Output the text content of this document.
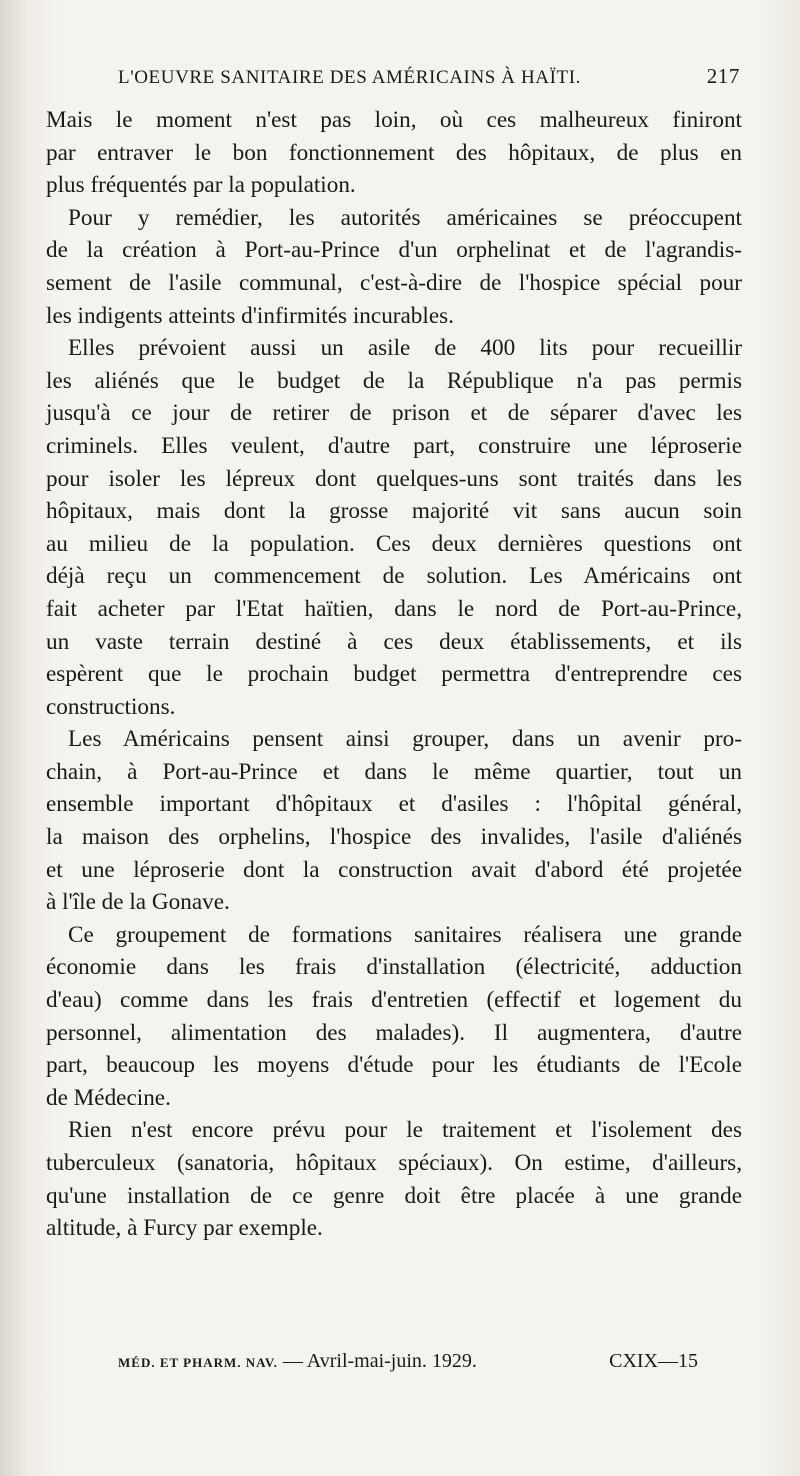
L'OEUVRE SANITAIRE DES AMÉRICAINS À HAÏTI.	217
Mais le moment n'est pas loin, où ces malheureux finiront
par entraver le bon fonctionnement des hôpitaux, de plus en
plus fréquentés par la population.
Pour y remédier, les autorités américaines se préoccupent
de la création à Port-au-Prince d'un orphelinat et de l'agrandis-
sement de l'asile communal, c'est-à-dire de l'hospice spécial pour
les indigents atteints d'infirmités incurables.
Elles prévoient aussi un asile de 400 lits pour recueillir
les aliénés que le budget de la République n'a pas permis
jusqu'à ce jour de retirer de prison et de séparer d'avec les
criminels. Elles veulent, d'autre part, construire une léproserie
pour isoler les lépreux dont quelques-uns sont traités dans les
hôpitaux, mais dont la grosse majorité vit sans aucun soin
au milieu de la population. Ces deux dernières questions ont
déjà reçu un commencement de solution. Les Américains ont
fait acheter par l'Etat haïtien, dans le nord de Port-au-Prince,
un vaste terrain destiné à ces deux établissements, et ils
espèrent que le prochain budget permettra d'entreprendre ces
constructions.
Les Américains pensent ainsi grouper, dans un avenir pro-
chain, à Port-au-Prince et dans le même quartier, tout un
ensemble important d'hôpitaux et d'asiles : l'hôpital général,
la maison des orphelins, l'hospice des invalides, l'asile d'aliénés
et une léproserie dont la construction avait d'abord été projetée
à l'île de la Gonave.
Ce groupement de formations sanitaires réalisera une grande
économie dans les frais d'installation (électricité, adduction
d'eau) comme dans les frais d'entretien (effectif et logement du
personnel, alimentation des malades). Il augmentera, d'autre
part, beaucoup les moyens d'étude pour les étudiants de l'Ecole
de Médecine.
Rien n'est encore prévu pour le traitement et l'isolement des
tuberculeux (sanatoria, hôpitaux spéciaux). On estime, d'ailleurs,
qu'une installation de ce genre doit être placée à une grande
altitude, à Furcy par exemple.
MÉD. ET PHARM. NAV. — Avril-mai-juin. 1929.	CXIX—15
